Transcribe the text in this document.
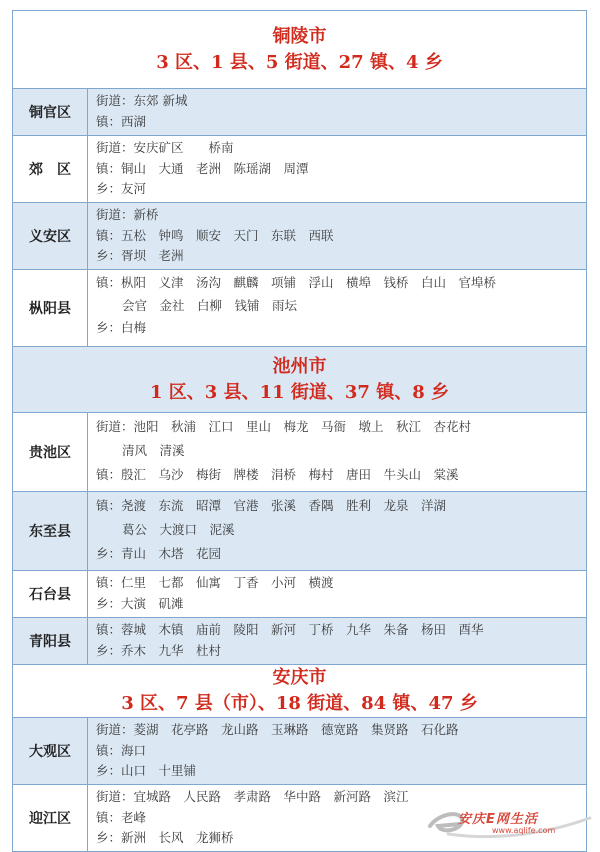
铜陵市
3 区、1 县、5 街道、27 镇、4 乡
铜官区
街道：东郊 新城
镇：西湖
郊　区
街道：安庆矿区　　桥南
镇：铜山　大通　老洲　陈瑶湖　周潭
乡：友河
义安区
街道：新桥
镇：五松　钟鸣　顺安　天门　东联　西联
乡：胥坝　老洲
枞阳县
镇：枞阳　义津　汤沟　麒麟　项铺　浮山　横埠　钱桥　白山　官埠桥
会官　金社　白柳　钱铺　雨坛
乡：白梅
池州市
1 区、3 县、11 街道、37 镇、8 乡
贵池区
街道：池阳　秋浦　江口　里山　梅龙　马衙　墩上　秋江　杏花村
清风　清溪
镇：殷汇　乌沙　梅街　牌楼　涓桥　梅村　唐田　牛头山　棠溪
东至县
镇：尧渡　东流　昭潭　官港　张溪　香隅　胜利　龙泉　洋湖
葛公　大渡口　泥溪
乡：青山　木塔　花园
石台县
镇：仁里　七都　仙寓　丁香　小河　横渡
乡：大演　矶滩
青阳县
镇：蓉城　木镇　庙前　陵阳　新河　丁桥　九华　朱备　杨田　酉华
乡：乔木　九华　杜村
安庆市
3 区、7 县（市）、18 街道、84 镇、47 乡
大观区
街道：菱湖　花亭路　龙山路　玉琳路　德宽路　集贤路　石化路
镇：海口
乡：山口　十里铺
迎江区
街道：宜城路　人民路　孝肃路　华中路　新河路　滨江
镇：老峰
乡：新洲　长风　龙狮桥
安庆E网生活
www.aqlife.com
